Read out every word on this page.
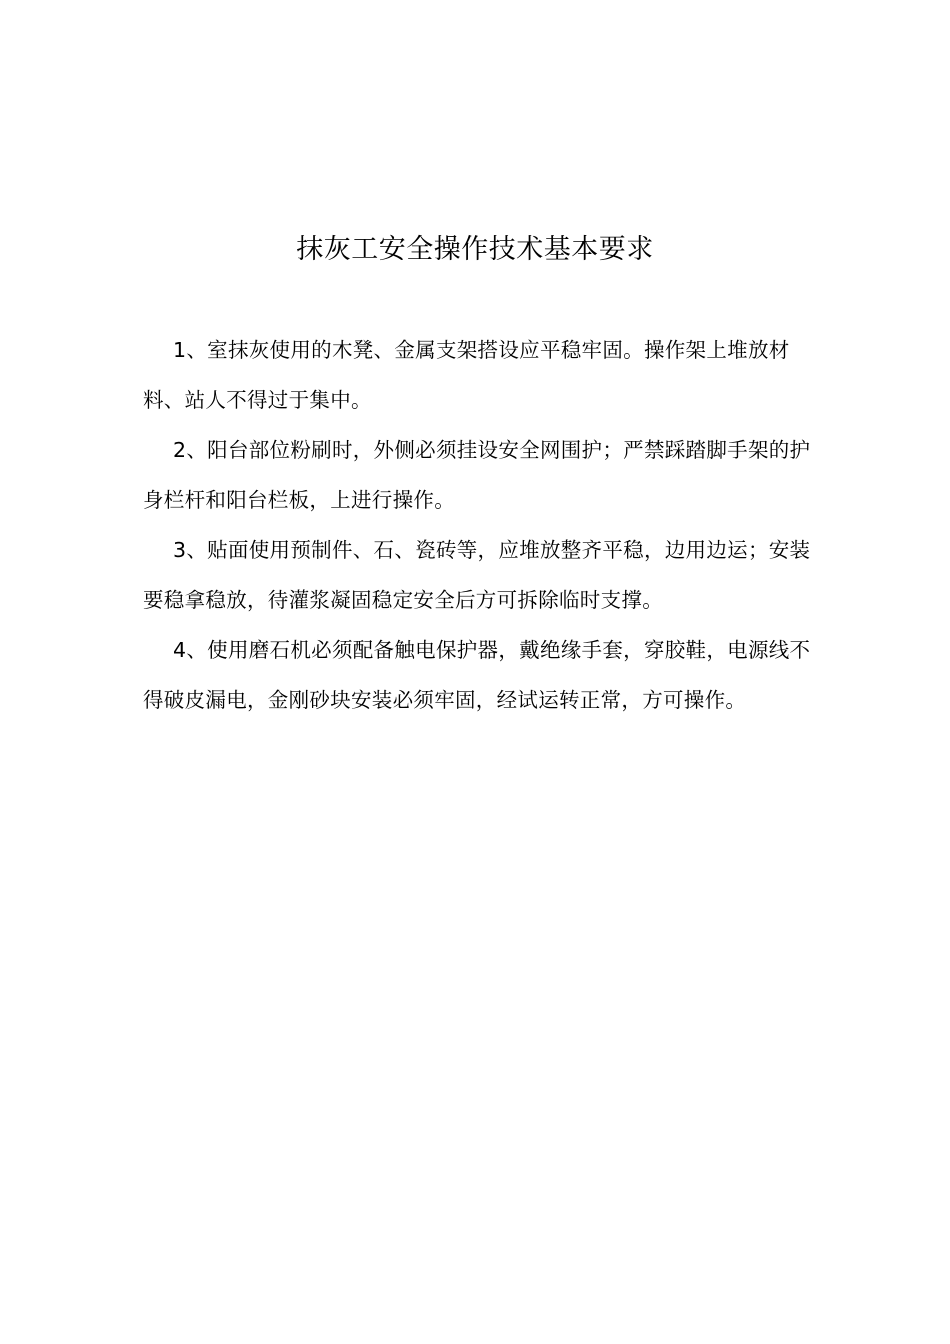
抹灰工安全操作技术基本要求

1、室抹灰使用的木凳、金属支架搭设应平稳牢固。操作架上堆放材料、站人不得过于集中。

2、阳台部位粉刷时，外侧必须挂设安全网围护；严禁踩踏脚手架的护身栏杆和阳台栏板，上进行操作。

3、贴面使用预制件、石、瓷砖等，应堆放整齐平稳，边用边运；安装要稳拿稳放，待灌浆凝固稳定安全后方可拆除临时支撑。

4、使用磨石机必须配备触电保护器，戴绝缘手套，穿胶鞋，电源线不得破皮漏电，金刚砂块安装必须牢固，经试运转正常，方可操作。
